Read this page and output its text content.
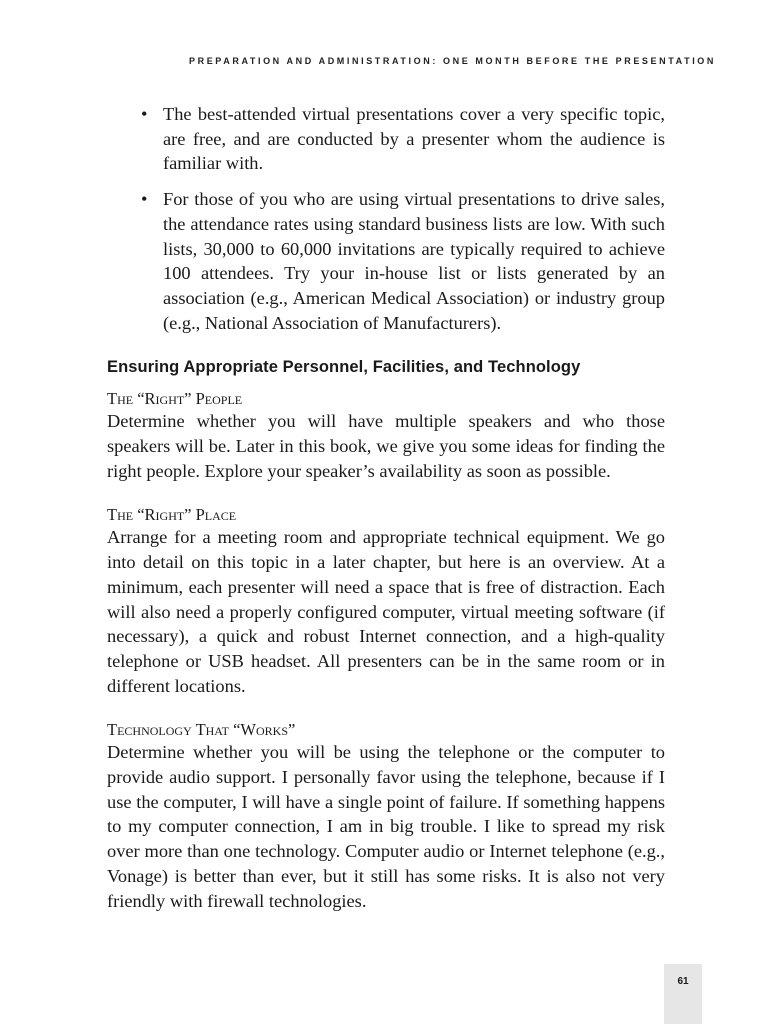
PREPARATION AND ADMINISTRATION: ONE MONTH BEFORE THE PRESENTATION
• The best-attended virtual presentations cover a very specific topic, are free, and are conducted by a presenter whom the audience is familiar with.
• For those of you who are using virtual presentations to drive sales, the attendance rates using standard business lists are low. With such lists, 30,000 to 60,000 invitations are typically required to achieve 100 attendees. Try your in-house list or lists generated by an association (e.g., American Medical Association) or industry group (e.g., National Association of Manufacturers).
Ensuring Appropriate Personnel, Facilities, and Technology
The “Right” People

Determine whether you will have multiple speakers and who those speakers will be. Later in this book, we give you some ideas for finding the right people. Explore your speaker’s availability as soon as possible.

The “Right” Place

Arrange for a meeting room and appropriate technical equipment. We go into detail on this topic in a later chapter, but here is an overview. At a minimum, each presenter will need a space that is free of distraction. Each will also need a properly configured computer, virtual meeting software (if necessary), a quick and robust Internet connection, and a high-quality telephone or USB headset. All presenters can be in the same room or in different locations.

Technology That “Works”

Determine whether you will be using the telephone or the computer to provide audio support. I personally favor using the telephone, because if I use the computer, I will have a single point of failure. If something happens to my computer connection, I am in big trouble. I like to spread my risk over more than one technology. Computer audio or Internet telephone (e.g., Vonage) is better than ever, but it still has some risks. It is also not very friendly with firewall technologies.

61
